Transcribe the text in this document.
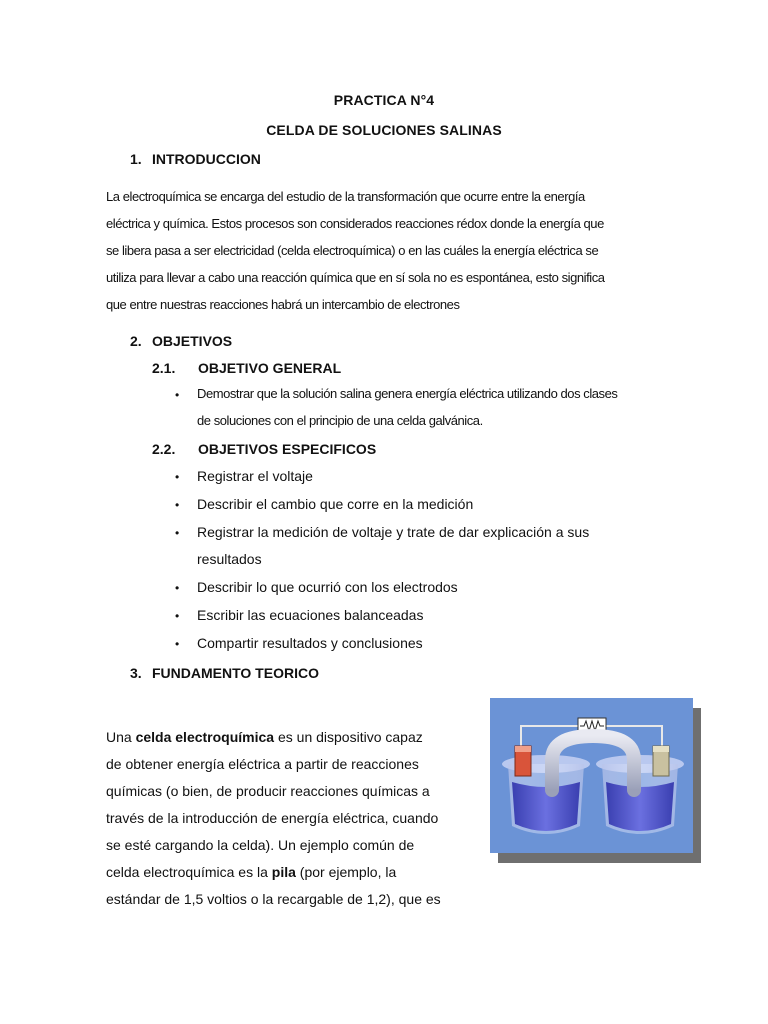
PRACTICA N°4
CELDA DE SOLUCIONES SALINAS
1. INTRODUCCION
La electroquímica se encarga del estudio de la transformación que ocurre entre la energía
eléctrica y química. Estos procesos son considerados reacciones rédox donde la energía que
se libera pasa a ser electricidad (celda electroquímica) o en las cuáles la energía eléctrica se
utiliza para llevar a cabo una reacción química que en sí sola no es espontánea, esto significa
que entre nuestras reacciones habrá un intercambio de electrones
2. OBJETIVOS
2.1. OBJETIVO GENERAL
• Demostrar que la solución salina genera energía eléctrica utilizando dos clases
de soluciones con el principio de una celda galvánica.
2.2. OBJETIVOS ESPECIFICOS
• Registrar el voltaje
• Describir el cambio que corre en la medición
• Registrar la medición de voltaje y trate de dar explicación a sus
resultados
• Describir lo que ocurrió con los electrodos
• Escribir las ecuaciones balanceadas
• Compartir resultados y conclusiones
3. FUNDAMENTO TEORICO
Una celda electroquímica es un dispositivo capaz
de obtener energía eléctrica a partir de reacciones
químicas (o bien, de producir reacciones químicas a
través de la introducción de energía eléctrica, cuando
se esté cargando la celda). Un ejemplo común de
celda electroquímica es la pila (por ejemplo, la
estándar de 1,5 voltios o la recargable de 1,2), que es
